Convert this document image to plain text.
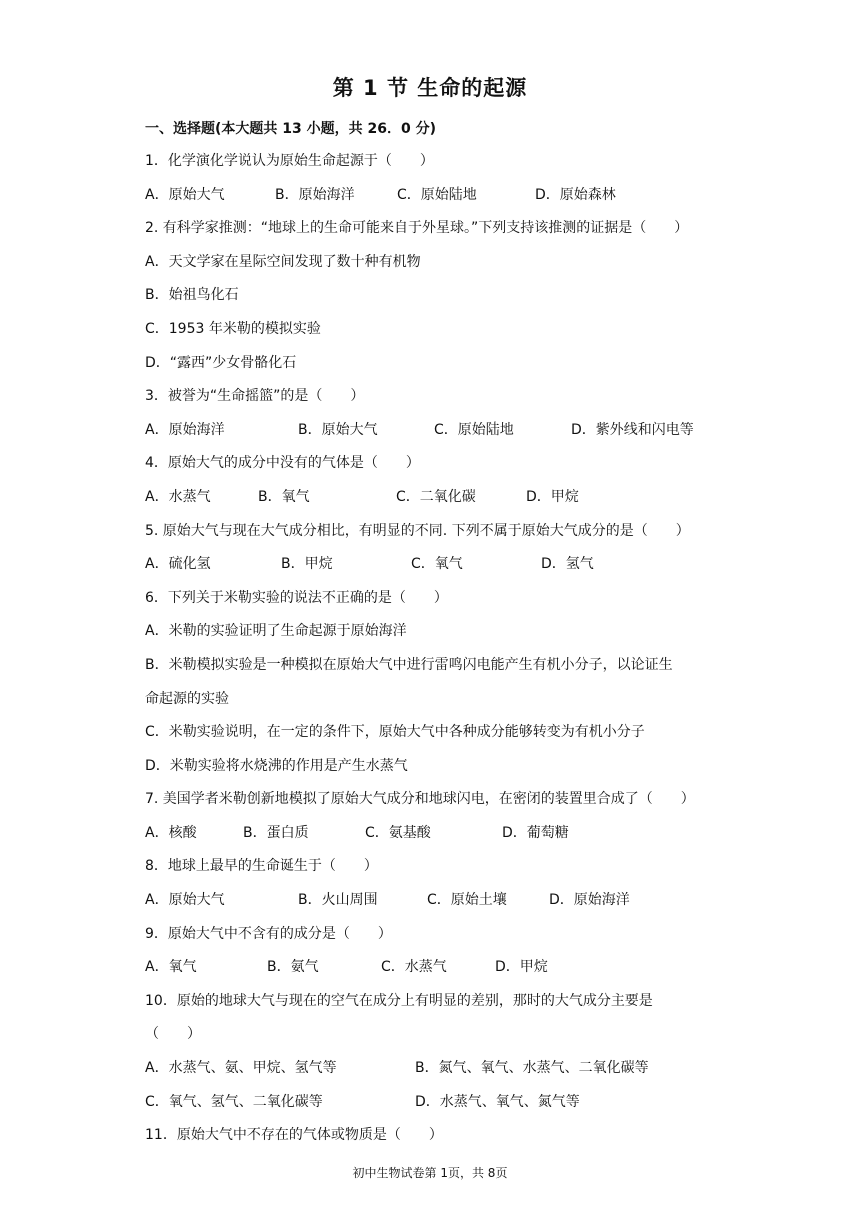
第 1 节 生命的起源
一、选择题(本大题共 13 小题，共 26．0 分)
1．化学演化学说认为原始生命起源于（　　）
A．原始大气	B．原始海洋	C．原始陆地	D．原始森林
2. 有科学家推测：“地球上的生命可能来自于外星球。”下列支持该推测的证据是（　　）
A．天文学家在星际空间发现了数十种有机物
B．始祖鸟化石
C．1953 年米勒的模拟实验
D．“露西”少女骨骼化石
3．被誉为“生命摇篮”的是（　　）
A．原始海洋	B．原始大气	C．原始陆地	D．紫外线和闪电等
4．原始大气的成分中没有的气体是（　　）
A．水蒸气	B．氧气	C．二氧化碳	D．甲烷
5. 原始大气与现在大气成分相比，有明显的不同. 下列不属于原始大气成分的是（　　）
A．硫化氢	B．甲烷	C．氧气	D．氢气
6．下列关于米勒实验的说法不正确的是（　　）
A．米勒的实验证明了生命起源于原始海洋
B．米勒模拟实验是一种模拟在原始大气中进行雷鸣闪电能产生有机小分子，以论证生
命起源的实验
C．米勒实验说明，在一定的条件下，原始大气中各种成分能够转变为有机小分子
D．米勒实验将水烧沸的作用是产生水蒸气
7. 美国学者米勒创新地模拟了原始大气成分和地球闪电，在密闭的装置里合成了（　　）
A．核酸	B．蛋白质	C．氨基酸	D．葡萄糖
8．地球上最早的生命诞生于（　　）
A．原始大气	B．火山周围	C．原始土壤	D．原始海洋
9．原始大气中不含有的成分是（　　）
A．氧气	B．氨气	C．水蒸气	D．甲烷
10．原始的地球大气与现在的空气在成分上有明显的差别，那时的大气成分主要是
（　　）
A．水蒸气、氨、甲烷、氢气等	B．氮气、氧气、水蒸气、二氧化碳等
C．氧气、氢气、二氧化碳等	D．水蒸气、氧气、氮气等
11．原始大气中不存在的气体或物质是（　　）
初中生物试卷第 1页，共 8页
